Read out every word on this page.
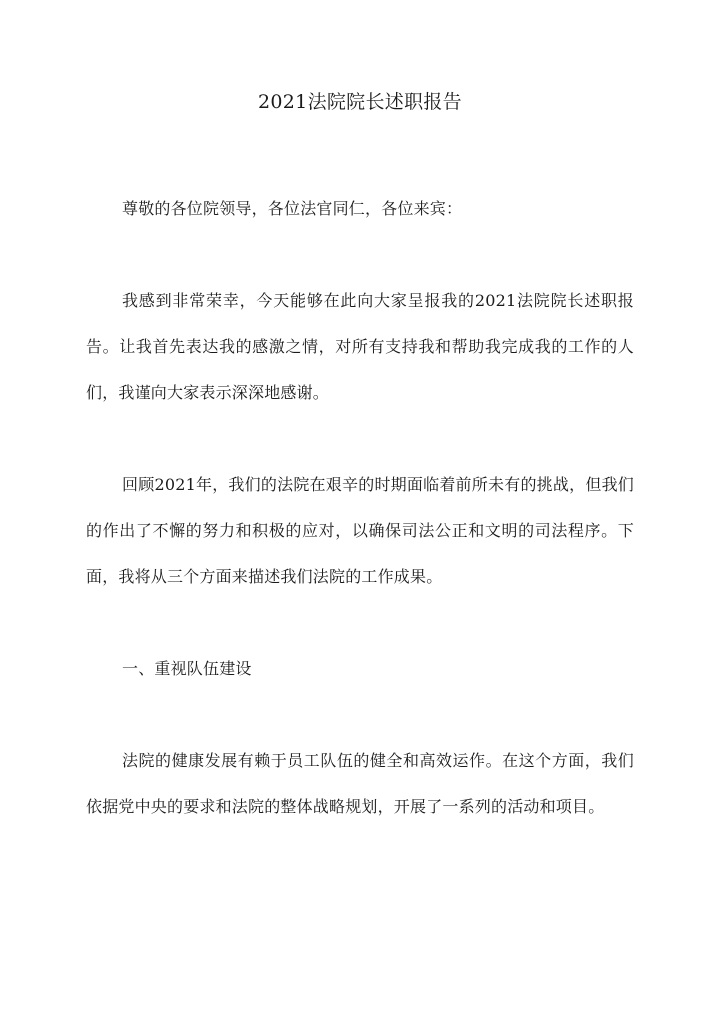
2021法院院长述职报告

尊敬的各位院领导，各位法官同仁，各位来宾：

我感到非常荣幸，今天能够在此向大家呈报我的2021法院院长述职报告。让我首先表达我的感激之情，对所有支持我和帮助我完成我的工作的人们，我谨向大家表示深深地感谢。

回顾2021年，我们的法院在艰辛的时期面临着前所未有的挑战，但我们的作出了不懈的努力和积极的应对，以确保司法公正和文明的司法程序。下面，我将从三个方面来描述我们法院的工作成果。

一、重视队伍建设

法院的健康发展有赖于员工队伍的健全和高效运作。在这个方面，我们依据党中央的要求和法院的整体战略规划，开展了一系列的活动和项目。
